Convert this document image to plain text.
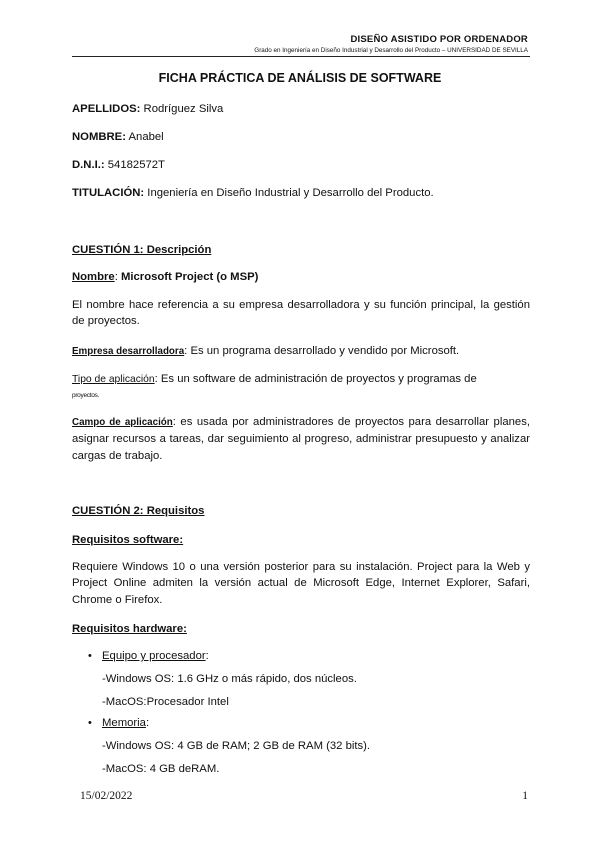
DISEÑO ASISTIDO POR ORDENADOR
Grado en Ingeniería en Diseño Industrial y Desarrollo del Producto – UNIVERSIDAD DE SEVILLA
FICHA PRÁCTICA DE ANÁLISIS DE SOFTWARE
APELLIDOS: Rodríguez Silva
NOMBRE: Anabel
D.N.I.: 54182572T
TITULACIÓN: Ingeniería en Diseño Industrial y Desarrollo del Producto.
CUESTIÓN 1: Descripción
Nombre: Microsoft Project (o MSP)
El nombre hace referencia a su empresa desarrolladora y su función principal, la gestión de proyectos.
Empresa desarrolladora: Es un programa desarrollado y vendido por Microsoft.
Tipo de aplicación: Es un software de administración de proyectos y programas de
proyectos.
Campo de aplicación: es usada por administradores de proyectos para desarrollar planes, asignar recursos a tareas, dar seguimiento al progreso, administrar presupuesto y analizar cargas de trabajo.
CUESTIÓN 2: Requisitos
Requisitos software:
Requiere Windows 10 o una versión posterior para su instalación. Project para la Web y Project Online admiten la versión actual de Microsoft Edge, Internet Explorer, Safari, Chrome o Firefox.
Requisitos hardware:
• Equipo y procesador:
-Windows OS: 1.6 GHz o más rápido, dos núcleos.
-MacOS:Procesador Intel
• Memoria:
-Windows OS: 4 GB de RAM; 2 GB de RAM (32 bits).
-MacOS: 4 GB deRAM.
15/02/2022	1
